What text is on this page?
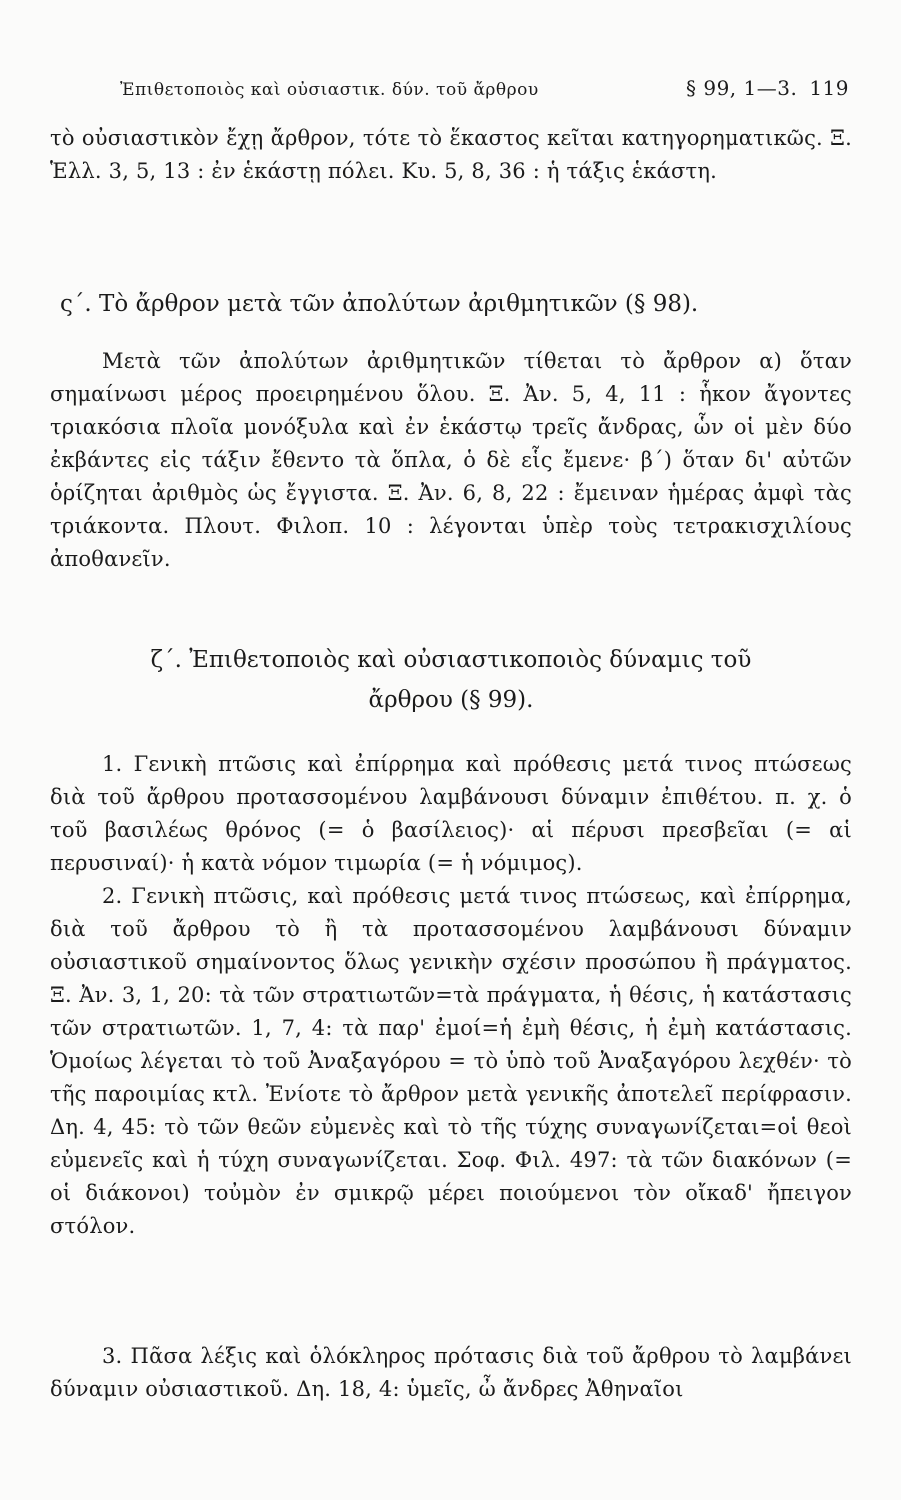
Ἐπιθετοποιὸς καὶ οὐσιαστικ. δύν. τοῦ ἄρθρου	§ 99, 1—3. 119

τὸ οὐσιαστικὸν ἔχῃ ἄρθρον, τότε τὸ ἕκαστος κεῖται κατηγορηματικῶς. Ξ. Ἑλλ. 3, 5, 13 : ἐν ἑκάστῃ πόλει. Κυ. 5, 8, 36 : ἡ τάξις ἑκάστη.

ς΄. Τὸ ἄρθρον μετὰ τῶν ἀπολύτων ἀριθμητικῶν (§ 98).

Μετὰ τῶν ἀπολύτων ἀριθμητικῶν τίθεται τὸ ἄρθρον α) ὅταν σημαίνωσι μέρος προειρημένου ὅλου. Ξ. Ἀν. 5, 4, 11 : ἧκον ἄγοντες τριακόσια πλοῖα μονόξυλα καὶ ἐν ἑκάστῳ τρεῖς ἄνδρας, ὧν οἱ μὲν δύο ἐκβάντες εἰς τάξιν ἔθεντο τὰ ὅπλα, ὁ δὲ εἷς ἔμενε· β΄) ὅταν δι' αὐτῶν ὁρίζηται ἀριθμὸς ὡς ἔγγιστα. Ξ. Ἀν. 6, 8, 22 : ἔμειναν ἡμέρας ἀμφὶ τὰς τριάκοντα. Πλουτ. Φιλοπ. 10 : λέγονται ὑπὲρ τοὺς τετρακισχιλίους ἀποθανεῖν.

ζ΄. Ἐπιθετοποιὸς καὶ οὐσιαστικοποιὸς δύναμις τοῦ
ἄρθρου (§ 99).

1. Γενικὴ πτῶσις καὶ ἐπίρρημα καὶ πρόθεσις μετά τινος πτώσεως διὰ τοῦ ἄρθρου προτασσομένου λαμβάνουσι δύναμιν ἐπιθέτου. π. χ. ὁ τοῦ βασιλέως θρόνος (= ὁ βασίλειος)· αἱ πέρυσι πρεσβεῖαι (= αἱ περυσιναί)· ἡ κατὰ νόμον τιμωρία (= ἡ νόμιμος).

2. Γενικὴ πτῶσις, καὶ πρόθεσις μετά τινος πτώσεως, καὶ ἐπίρρημα, διὰ τοῦ ἄρθρου τὸ ἢ τὰ προτασσομένου λαμβάνουσι δύναμιν οὐσιαστικοῦ σημαίνοντος ὅλως γενικὴν σχέσιν προσώπου ἢ πράγματος. Ξ. Ἀν. 3, 1, 20: τὰ τῶν στρατιωτῶν=τὰ πράγματα, ἡ θέσις, ἡ κατάστασις τῶν στρατιωτῶν. 1, 7, 4: τὰ παρ' ἐμοί=ἡ ἐμὴ θέσις, ἡ ἐμὴ κατάστασις. Ὁμοίως λέγεται τὸ τοῦ Ἀναξαγόρου = τὸ ὑπὸ τοῦ Ἀναξαγόρου λεχθέν· τὸ τῆς παροιμίας κτλ. Ἐνίοτε τὸ ἄρθρον μετὰ γενικῆς ἀποτελεῖ περίφρασιν. Δη. 4, 45: τὸ τῶν θεῶν εὐμενὲς καὶ τὸ τῆς τύχης συναγωνίζεται=οἱ θεοὶ εὐμενεῖς καὶ ἡ τύχη συναγωνίζεται. Σοφ. Φιλ. 497: τὰ τῶν διακόνων (= οἱ διάκονοι) τοὐμὸν ἐν σμικρῷ μέρει ποιούμενοι τὸν οἴκαδ' ἤπειγον στόλον.

3. Πᾶσα λέξις καὶ ὁλόκληρος πρότασις διὰ τοῦ ἄρθρου τὸ λαμβάνει δύναμιν οὐσιαστικοῦ. Δη. 18, 4: ὑμεῖς, ὦ ἄνδρες Ἀθηναῖοι
